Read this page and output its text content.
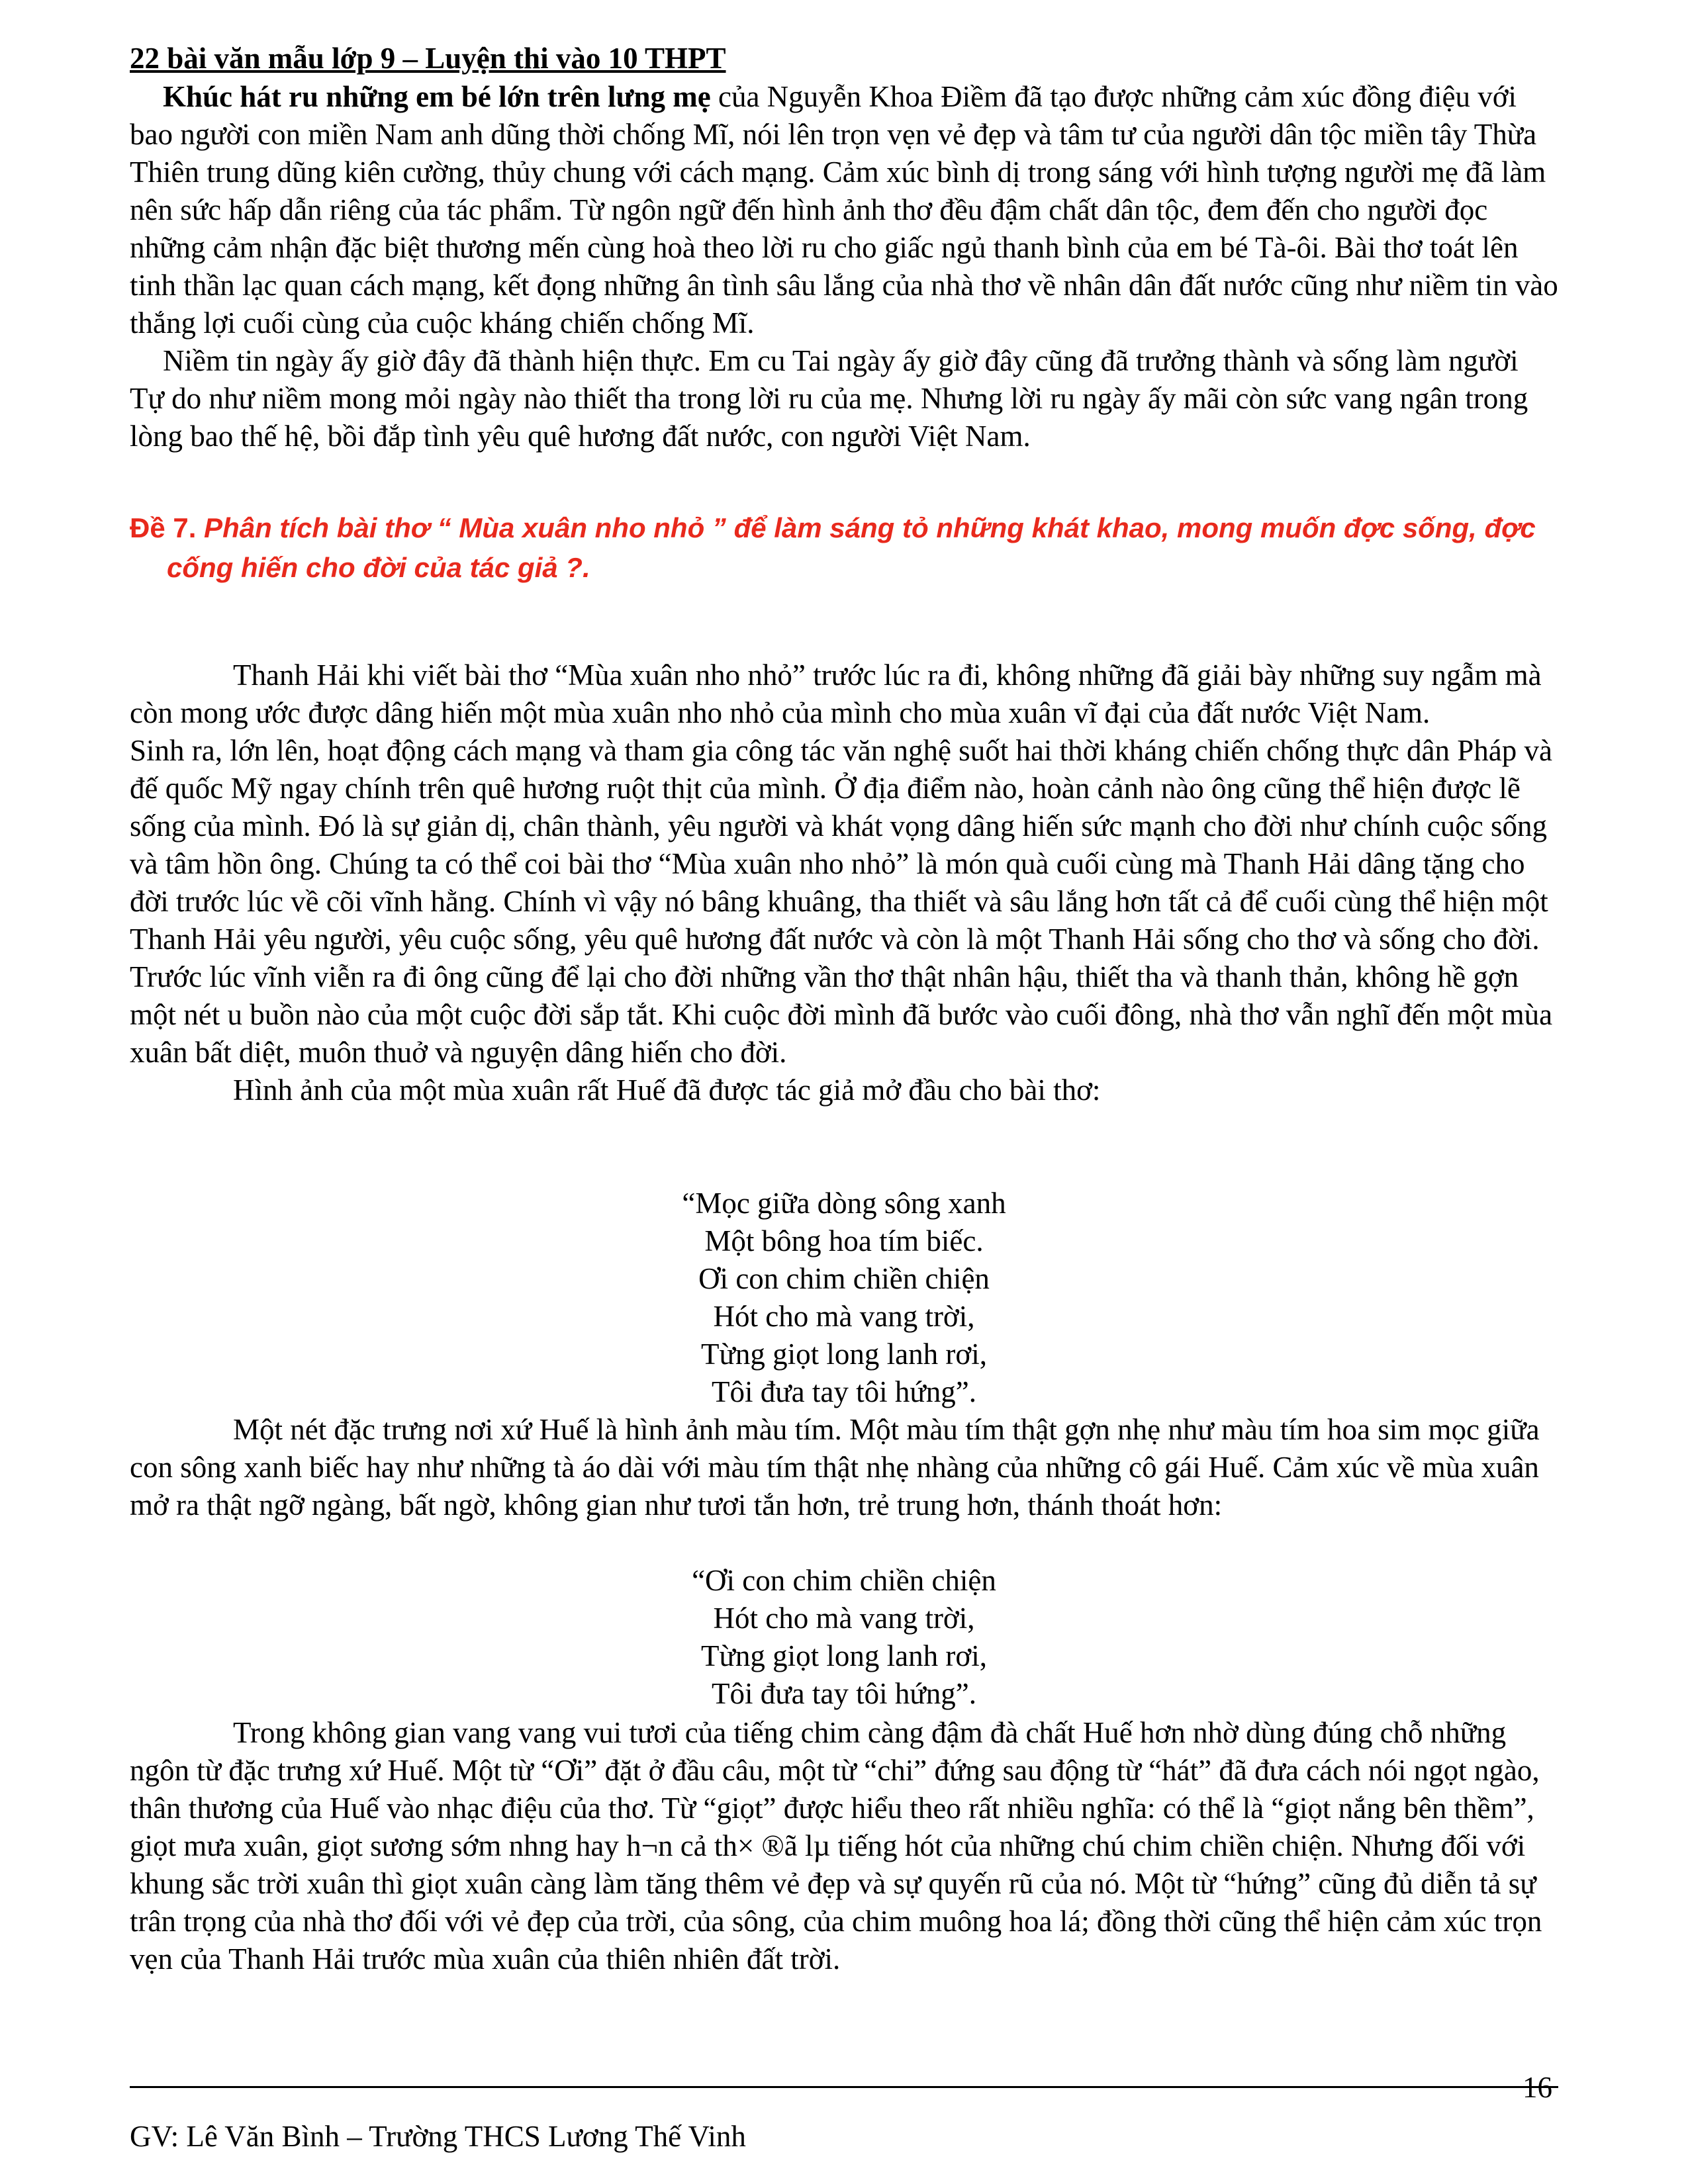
22 bài văn mẫu lớp 9 – Luyện thi vào 10 THPT

Khúc hát ru những em bé lớn trên lưng mẹ của Nguyễn Khoa Điềm đã tạo được những cảm xúc đồng điệu với bao người con miền Nam anh dũng thời chống Mĩ, nói lên trọn vẹn vẻ đẹp và tâm tư của người dân tộc miền tây Thừa Thiên trung dũng kiên cường, thủy chung với cách mạng. Cảm xúc bình dị trong sáng với hình tượng người mẹ đã làm nên sức hấp dẫn riêng của tác phẩm. Từ ngôn ngữ đến hình ảnh thơ đều đậm chất dân tộc, đem đến cho người đọc những cảm nhận đặc biệt thương mến cùng hoà theo lời ru cho giấc ngủ thanh bình của em bé Tà-ôi. Bài thơ toát lên tinh thần lạc quan cách mạng, kết đọng những ân tình sâu lắng của nhà thơ về nhân dân đất nước cũng như niềm tin vào thắng lợi cuối cùng của cuộc kháng chiến chống Mĩ.

Niềm tin ngày ấy giờ đây đã thành hiện thực. Em cu Tai ngày ấy giờ đây cũng đã trưởng thành và sống làm người Tự do như niềm mong mỏi ngày nào thiết tha trong lời ru của mẹ. Nhưng lời ru ngày ấy mãi còn sức vang ngân trong lòng bao thế hệ, bồi đắp tình yêu quê hương đất nước, con người Việt Nam.

Đề 7. Phân tích bài thơ “ Mùa xuân nho nhỏ ” để làm sáng tỏ những khát khao, mong muốn đợc sống, đợc
cống hiến cho đời của tác giả ?.

Thanh Hải khi viết bài thơ “Mùa xuân nho nhỏ” trước lúc ra đi, không những đã giải bày những suy ngẫm mà còn mong ước được dâng hiến một mùa xuân nho nhỏ của mình cho mùa xuân vĩ đại của đất nước Việt Nam.

Sinh ra, lớn lên, hoạt động cách mạng và tham gia công tác văn nghệ suốt hai thời kháng chiến chống thực dân Pháp và đế quốc Mỹ ngay chính trên quê hương ruột thịt của mình. Ở địa điểm nào, hoàn cảnh nào ông cũng thể hiện được lẽ sống của mình. Đó là sự giản dị, chân thành, yêu người và khát vọng dâng hiến sức mạnh cho đời như chính cuộc sống và tâm hồn ông. Chúng ta có thể coi bài thơ “Mùa xuân nho nhỏ” là món quà cuối cùng mà Thanh Hải dâng tặng cho đời trước lúc về cõi vĩnh hằng. Chính vì vậy nó bâng khuâng, tha thiết và sâu lắng hơn tất cả để cuối cùng thể hiện một Thanh Hải yêu người, yêu cuộc sống, yêu quê hương đất nước và còn là một Thanh Hải sống cho thơ và sống cho đời.

Trước lúc vĩnh viễn ra đi ông cũng để lại cho đời những vần thơ thật nhân hậu, thiết tha và thanh thản, không hề gợn một nét u buồn nào của một cuộc đời sắp tắt. Khi cuộc đời mình đã bước vào cuối đông, nhà thơ vẫn nghĩ đến một mùa xuân bất diệt, muôn thuở và nguyện dâng hiến cho đời.

Hình ảnh của một mùa xuân rất Huế đã được tác giả mở đầu cho bài thơ:

“Mọc giữa dòng sông xanh
Một bông hoa tím biếc.
Ơi con chim chiền chiện
Hót cho mà vang trời,
Từng giọt long lanh rơi,
Tôi đưa tay tôi hứng”.

Một nét đặc trưng nơi xứ Huế là hình ảnh màu tím. Một màu tím thật gợn nhẹ như màu tím hoa sim mọc giữa con sông xanh biếc hay như những tà áo dài với màu tím thật nhẹ nhàng của những cô gái Huế. Cảm xúc về mùa xuân mở ra thật ngỡ ngàng, bất ngờ, không gian như tươi tắn hơn, trẻ trung hơn, thánh thoát hơn:

“Ơi con chim chiền chiện
Hót cho mà vang trời,
Từng giọt long lanh rơi,
Tôi đưa tay tôi hứng”.

Trong không gian vang vang vui tươi của tiếng chim càng đậm đà chất Huế hơn nhờ dùng đúng chỗ những ngôn từ đặc trưng xứ Huế. Một từ “Ơi” đặt ở đầu câu, một từ “chi” đứng sau động từ “hát” đã đưa cách nói ngọt ngào, thân thương của Huế vào nhạc điệu của thơ. Từ “giọt” được hiểu theo rất nhiều nghĩa: có thể là “giọt nắng bên thềm”, giọt mưa xuân, giọt sương sớm nhng hay h¬n cả th× ®ã lµ tiếng hót của những chú chim chiền chiện. Nhưng đối với khung sắc trời xuân thì giọt xuân càng làm tăng thêm vẻ đẹp và sự quyến rũ của nó. Một từ “hứng” cũng đủ diễn tả sự trân trọng của nhà thơ đối với vẻ đẹp của trời, của sông, của chim muông hoa lá; đồng thời cũng thể hiện cảm xúc trọn vẹn của Thanh Hải trước mùa xuân của thiên nhiên đất trời.

16
GV: Lê Văn Bình – Trường THCS Lương Thế Vinh
